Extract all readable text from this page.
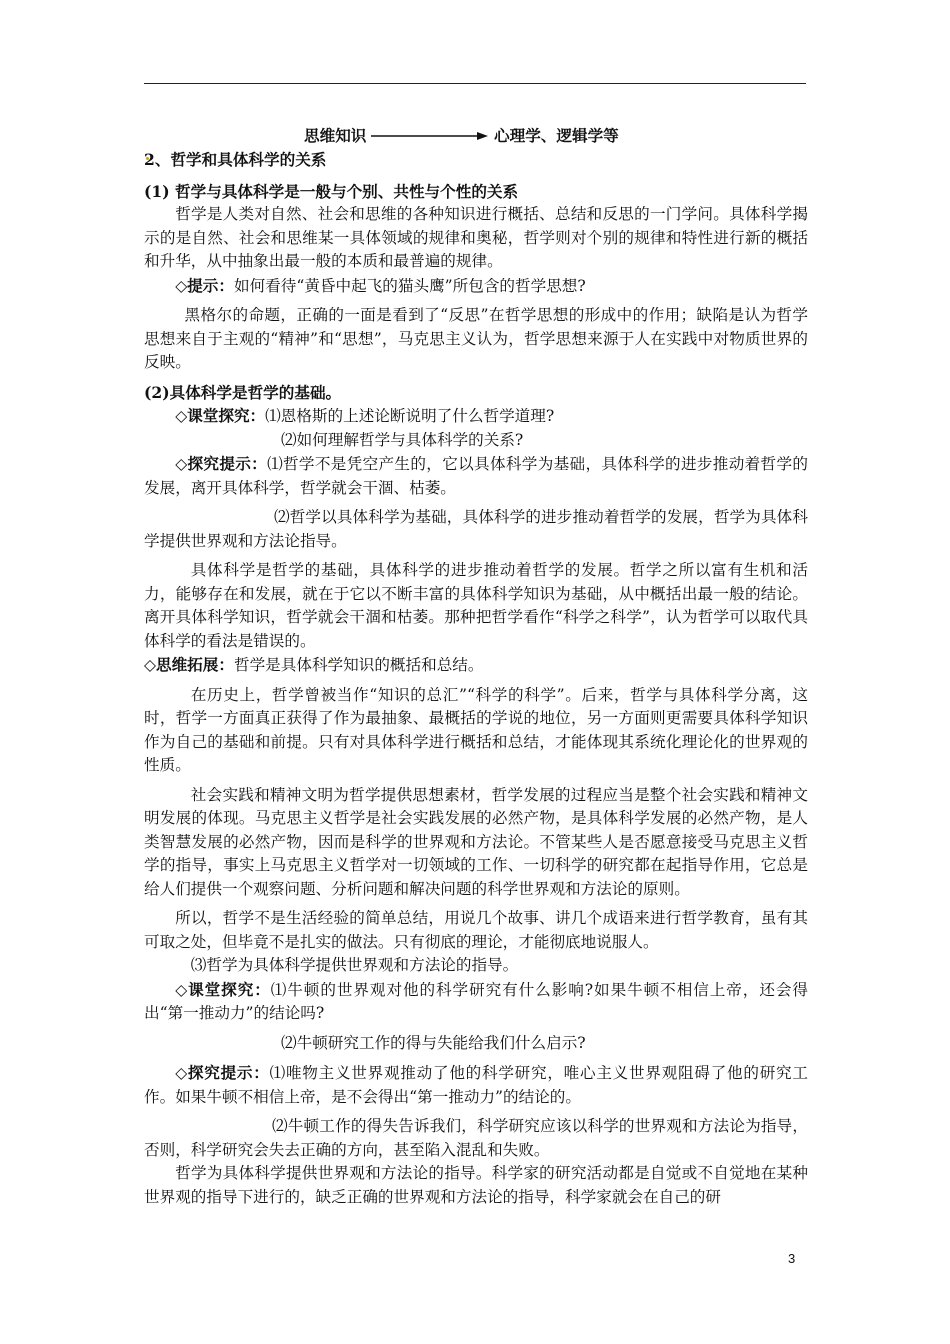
思维知识	心理学、逻辑学等

2、哲学和具体科学的关系

(1) 哲学与具体科学是一般与个别、共性与个性的关系

哲学是人类对自然、社会和思维的各种知识进行概括、总结和反思的一门学问。具体科学揭示的是自然、社会和思维某一具体领域的规律和奥秘，哲学则对个别的规律和特性进行新的概括和升华，从中抽象出最一般的本质和最普遍的规律。

◇提示：如何看待“黄昏中起飞的猫头鹰”所包含的哲学思想?

黑格尔的命题，正确的一面是看到了“反思”在哲学思想的形成中的作用；缺陷是认为哲学思想来自于主观的“精神”和“思想”，马克思主义认为，哲学思想来源于人在实践中对物质世界的反映。

(2)具体科学是哲学的基础。

◇课堂探究：⑴恩格斯的上述论断说明了什么哲学道理?

⑵如何理解哲学与具体科学的关系?

◇探究提示：⑴哲学不是凭空产生的，它以具体科学为基础，具体科学的进步推动着哲学的发展，离开具体科学，哲学就会干涸、枯萎。

⑵哲学以具体科学为基础，具体科学的进步推动着哲学的发展，哲学为具体科学提供世界观和方法论指导。

具体科学是哲学的基础，具体科学的进步推动着哲学的发展。哲学之所以富有生机和活力，能够存在和发展，就在于它以不断丰富的具体科学知识为基础，从中概括出最一般的结论。离开具体科学知识，哲学就会干涸和枯萎。那种把哲学看作“科学之科学”，认为哲学可以取代具体科学的看法是错误的。

◇思维拓展：哲学是具体科学知识的概括和总结。

在历史上，哲学曾被当作“知识的总汇”“科学的科学”。后来，哲学与具体科学分离，这时，哲学一方面真正获得了作为最抽象、最概括的学说的地位，另一方面则更需要具体科学知识作为自己的基础和前提。只有对具体科学进行概括和总结，才能体现其系统化理论化的世界观的性质。

社会实践和精神文明为哲学提供思想素材，哲学发展的过程应当是整个社会实践和精神文明发展的体现。马克思主义哲学是社会实践发展的必然产物，是具体科学发展的必然产物，是人类智慧发展的必然产物，因而是科学的世界观和方法论。不管某些人是否愿意接受马克思主义哲学的指导，事实上马克思主义哲学对一切领域的工作、一切科学的研究都在起指导作用，它总是给人们提供一个观察问题、分析问题和解决问题的科学世界观和方法论的原则。

所以，哲学不是生活经验的简单总结，用说几个故事、讲几个成语来进行哲学教育，虽有其可取之处，但毕竟不是扎实的做法。只有彻底的理论，才能彻底地说服人。

⑶哲学为具体科学提供世界观和方法论的指导。

◇课堂探究：⑴牛顿的世界观对他的科学研究有什么影响?如果牛顿不相信上帝，还会得出“第一推动力”的结论吗?

⑵牛顿研究工作的得与失能给我们什么启示?

◇探究提示：⑴唯物主义世界观推动了他的科学研究，唯心主义世界观阻碍了他的研究工作。如果牛顿不相信上帝，是不会得出“第一推动力”的结论的。

⑵牛顿工作的得失告诉我们，科学研究应该以科学的世界观和方法论为指导，否则，科学研究会失去正确的方向，甚至陷入混乱和失败。

哲学为具体科学提供世界观和方法论的指导。科学家的研究活动都是自觉或不自觉地在某种世界观的指导下进行的，缺乏正确的世界观和方法论的指导，科学家就会在自己的研

3
